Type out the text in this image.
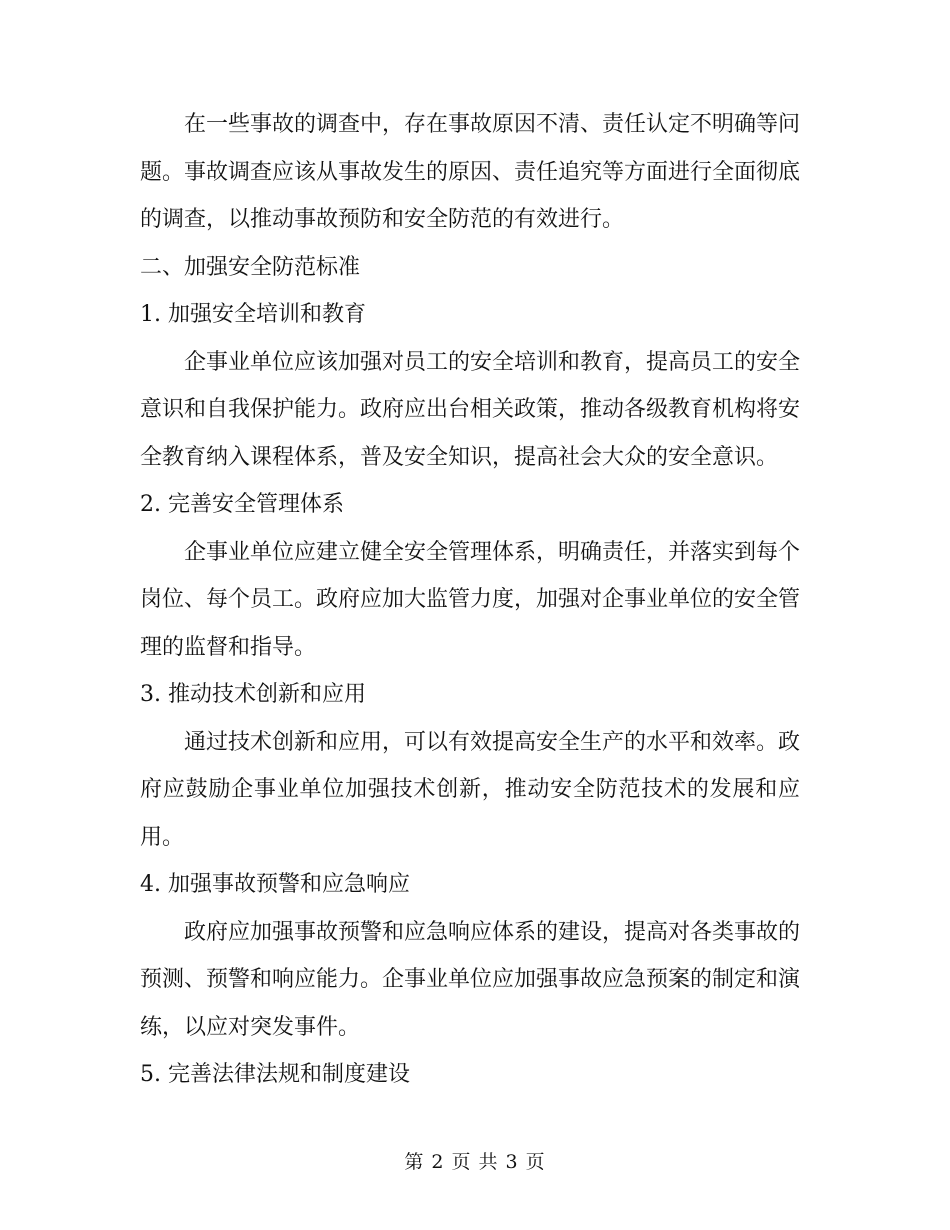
在一些事故的调查中，存在事故原因不清、责任认定不明确等问题。事故调查应该从事故发生的原因、责任追究等方面进行全面彻底的调查，以推动事故预防和安全防范的有效进行。

二、加强安全防范标准

1. 加强安全培训和教育

企事业单位应该加强对员工的安全培训和教育，提高员工的安全意识和自我保护能力。政府应出台相关政策，推动各级教育机构将安全教育纳入课程体系，普及安全知识，提高社会大众的安全意识。

2. 完善安全管理体系

企事业单位应建立健全安全管理体系，明确责任，并落实到每个岗位、每个员工。政府应加大监管力度，加强对企事业单位的安全管理的监督和指导。

3. 推动技术创新和应用

通过技术创新和应用，可以有效提高安全生产的水平和效率。政府应鼓励企事业单位加强技术创新，推动安全防范技术的发展和应用。

4. 加强事故预警和应急响应

政府应加强事故预警和应急响应体系的建设，提高对各类事故的预测、预警和响应能力。企事业单位应加强事故应急预案的制定和演练，以应对突发事件。

5. 完善法律法规和制度建设

第 2 页 共 3 页
